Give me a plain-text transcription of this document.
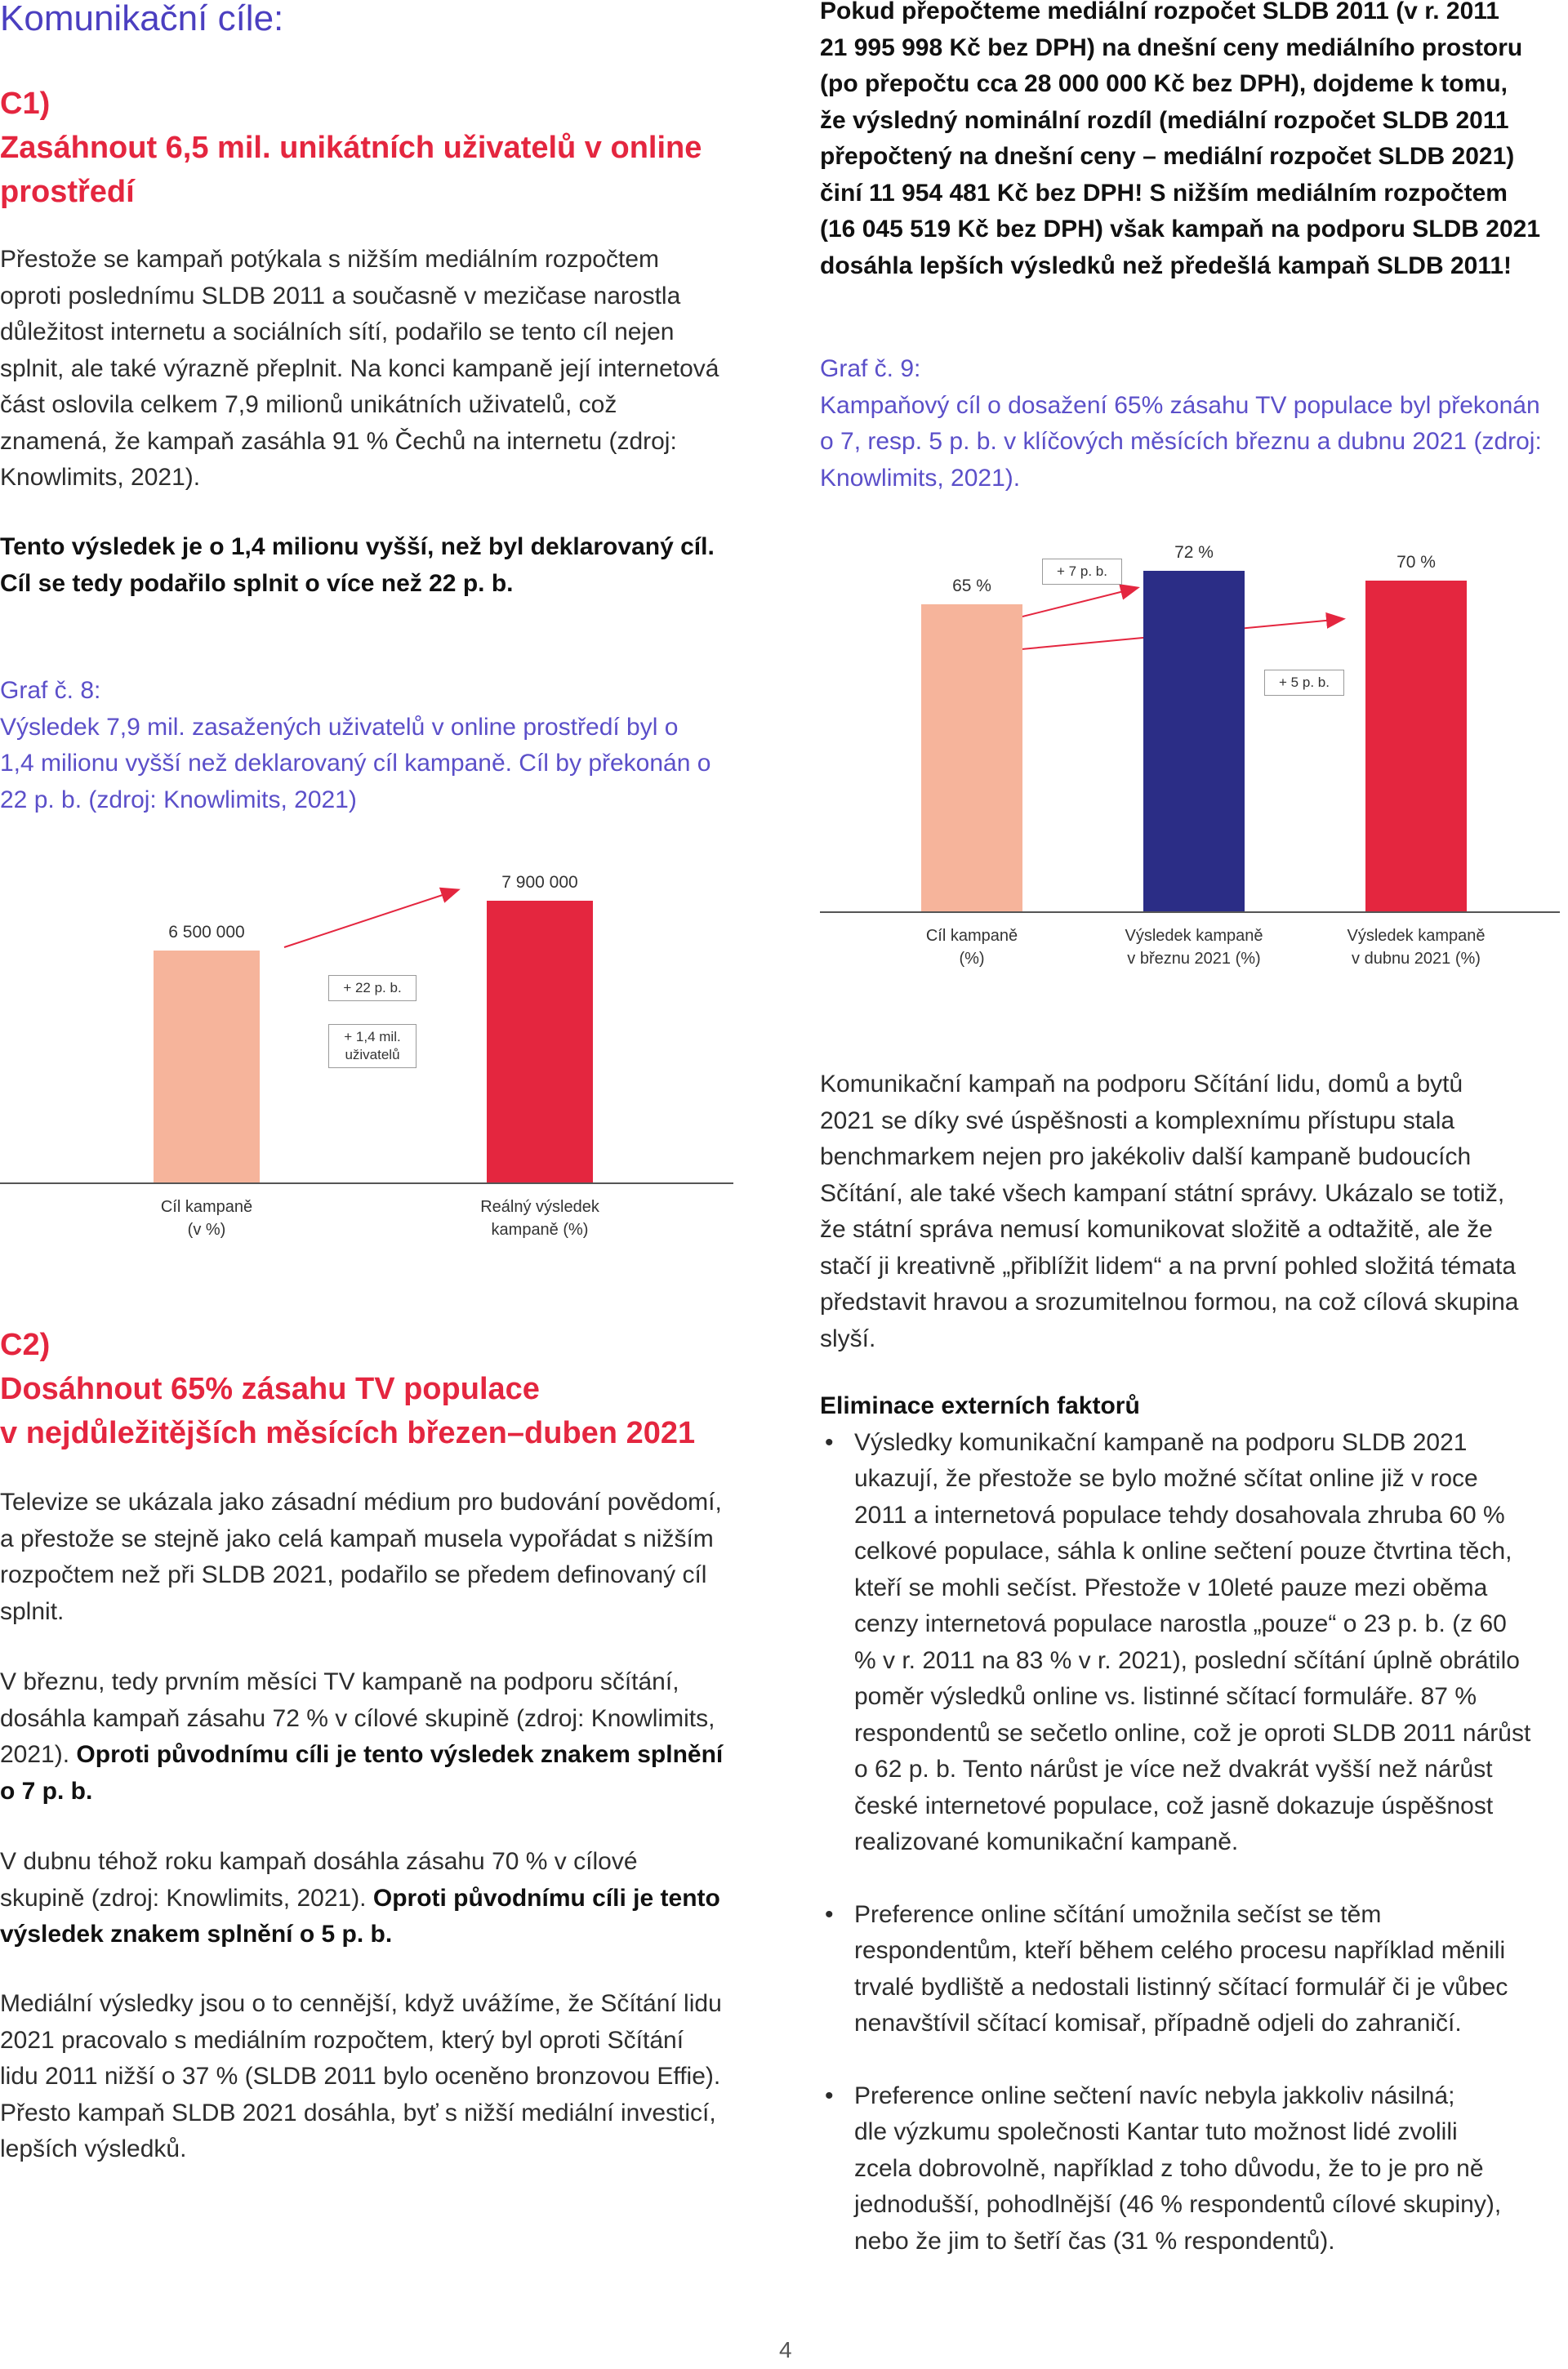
Komunikační cíle:
C1)
Zasáhnout 6,5 mil. unikátních uživatelů v online
prostředí

Přestože se kampaň potýkala s nižším mediálním rozpočtem

oproti poslednímu SLDB 2011 a současně v mezičase narostla

důležitost internetu a sociálních sítí, podařilo se tento cíl nejen

splnit, ale také výrazně přeplnit. Na konci kampaně její internetová

část oslovila celkem 7,9 milionů unikátních uživatelů, což

znamená, že kampaň zasáhla 91 % Čechů na internetu (zdroj:

Knowlimits, 2021).

Tento výsledek je o 1,4 milionu vyšší, než byl deklarovaný cíl.

Cíl se tedy podařilo splnit o více než 22 p. b.

Graf č. 8:

Výsledek 7,9 mil. zasažených uživatelů v online prostředí byl o

1,4 milionu vyšší než deklarovaný cíl kampaně. Cíl by překonán o

22 p. b. (zdroj: Knowlimits, 2021)

6 500 000
7 900 000
Cíl kampaně
(v %)
Reálný výsledek
kampaně (%)
+ 22 p. b.
+ 1,4 mil.
uživatelů
C2)
Dosáhnout 65% zásahu TV populace
v nejdůležitějších měsících březen–duben 2021

Televize se ukázala jako zásadní médium pro budování povědomí,

a přestože se stejně jako celá kampaň musela vypořádat s nižším

rozpočtem než při SLDB 2021, podařilo se předem definovaný cíl

splnit.

V březnu, tedy prvním měsíci TV kampaně na podporu sčítání,

dosáhla kampaň zásahu 72 % v cílové skupině (zdroj: Knowlimits,

2021). Oproti původnímu cíli je tento výsledek znakem splnění

o 7 p. b.

V dubnu téhož roku kampaň dosáhla zásahu 70 % v cílové

skupině (zdroj: Knowlimits, 2021). Oproti původnímu cíli je tento

výsledek znakem splnění o 5 p. b.

Mediální výsledky jsou o to cennější, když uvážíme, že Sčítání lidu

2021 pracovalo s mediálním rozpočtem, který byl oproti Sčítání

lidu 2011 nižší o 37 % (SLDB 2011 bylo oceněno bronzovou Effie).

Přesto kampaň SLDB 2021 dosáhla, byť s nižší mediální investicí,

lepších výsledků.

Pokud přepočteme mediální rozpočet SLDB 2011 (v r. 2011

21 995 998 Kč bez DPH) na dnešní ceny mediálního prostoru

(po přepočtu cca 28 000 000 Kč bez DPH), dojdeme k tomu,

že výsledný nominální rozdíl (mediální rozpočet SLDB 2011

přepočtený na dnešní ceny – mediální rozpočet SLDB 2021)

činí 11 954 481 Kč bez DPH! S nižším mediálním rozpočtem

(16 045 519 Kč bez DPH) však kampaň na podporu SLDB 2021

dosáhla lepších výsledků než předešlá kampaň SLDB 2011!

Graf č. 9:

Kampaňový cíl o dosažení 65% zásahu TV populace byl překonán

o 7, resp. 5 p. b. v klíčových měsících březnu a dubnu 2021 (zdroj:

Knowlimits, 2021).

65 %
72 %
70 %
Cíl kampaně
(%)
Výsledek kampaně
v březnu 2021 (%)
Výsledek kampaně
v dubnu 2021 (%)
+ 7 p. b.
+ 5 p. b.

Komunikační kampaň na podporu Sčítání lidu, domů a bytů

2021 se díky své úspěšnosti a komplexnímu přístupu stala

benchmarkem nejen pro jakékoliv další kampaně budoucích

Sčítání, ale také všech kampaní státní správy. Ukázalo se totiž,

že státní správa nemusí komunikovat složitě a odtažitě, ale že

stačí ji kreativně „přiblížit lidem“ a na první pohled složitá témata

představit hravou a srozumitelnou formou, na což cílová skupina

slyší.

Eliminace externích faktorů

• Výsledky komunikační kampaně na podporu SLDB 2021

ukazují, že přestože se bylo možné sčítat online již v roce

2011 a internetová populace tehdy dosahovala zhruba 60 %

celkové populace, sáhla k online sečtení pouze čtvrtina těch,

kteří se mohli sečíst. Přestože v 10leté pauze mezi oběma

cenzy internetová populace narostla „pouze“ o 23 p. b. (z 60

% v r. 2011 na 83 % v r. 2021), poslední sčítání úplně obrátilo

poměr výsledků online vs. listinné sčítací formuláře. 87 %

respondentů se sečetlo online, což je oproti SLDB 2011 nárůst

o 62 p. b. Tento nárůst je více než dvakrát vyšší než nárůst

české internetové populace, což jasně dokazuje úspěšnost

realizované komunikační kampaně.

• Preference online sčítání umožnila sečíst se těm

respondentům, kteří během celého procesu například měnili

trvalé bydliště a nedostali listinný sčítací formulář či je vůbec

nenavštívil sčítací komisař, případně odjeli do zahraničí.

• Preference online sečtení navíc nebyla jakkoliv násilná;

dle výzkumu společnosti Kantar tuto možnost lidé zvolili

zcela dobrovolně, například z toho důvodu, že to je pro ně

jednodušší, pohodlnější (46 % respondentů cílové skupiny),

nebo že jim to šetří čas (31 % respondentů).

4
